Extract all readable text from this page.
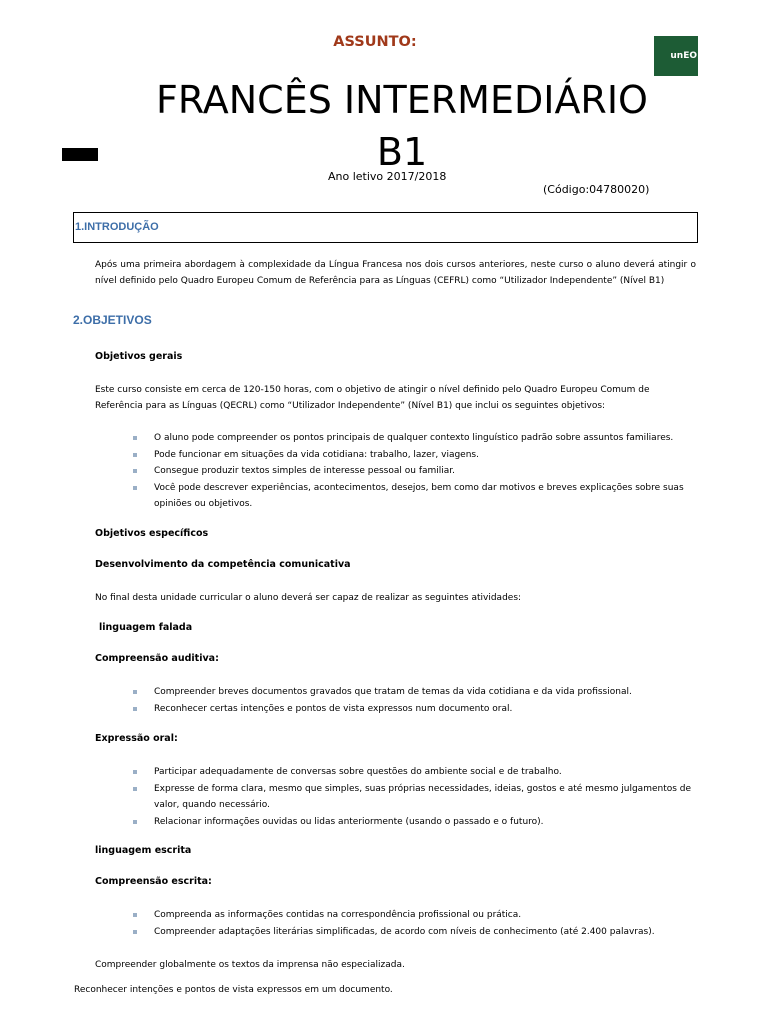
ASSUNTO:
unEO
FRANCÊS INTERMEDIÁRIO
B1
Ano letivo 2017/2018
(Código:04780020)
1.INTRODUÇÃO
Após uma primeira abordagem à complexidade da Língua Francesa nos dois cursos anteriores, neste curso o aluno deverá atingir o nível definido pelo Quadro Europeu Comum de Referência para as Línguas (CEFRL) como “Utilizador Independente” (Nível B1)
2.OBJETIVOS
Objetivos gerais
Este curso consiste em cerca de 120-150 horas, com o objetivo de atingir o nível definido pelo Quadro Europeu Comum de Referência para as Línguas (QECRL) como “Utilizador Independente” (Nível B1) que inclui os seguintes objetivos:
O aluno pode compreender os pontos principais de qualquer contexto linguístico padrão sobre assuntos familiares.
Pode funcionar em situações da vida cotidiana: trabalho, lazer, viagens.
Consegue produzir textos simples de interesse pessoal ou familiar.
Você pode descrever experiências, acontecimentos, desejos, bem como dar motivos e breves explicações sobre suas opiniões ou objetivos.
Objetivos específicos
Desenvolvimento da competência comunicativa
No final desta unidade curricular o aluno deverá ser capaz de realizar as seguintes atividades:
linguagem falada
Compreensão auditiva:
Compreender breves documentos gravados que tratam de temas da vida cotidiana e da vida profissional.
Reconhecer certas intenções e pontos de vista expressos num documento oral.
Expressão oral:
Participar adequadamente de conversas sobre questões do ambiente social e de trabalho.
Expresse de forma clara, mesmo que simples, suas próprias necessidades, ideias, gostos e até mesmo julgamentos de valor, quando necessário.
Relacionar informações ouvidas ou lidas anteriormente (usando o passado e o futuro).
linguagem escrita
Compreensão escrita:
Compreenda as informações contidas na correspondência profissional ou prática.
Compreender adaptações literárias simplificadas, de acordo com níveis de conhecimento (até 2.400 palavras).
Compreender globalmente os textos da imprensa não especializada.
Reconhecer intenções e pontos de vista expressos em um documento.
